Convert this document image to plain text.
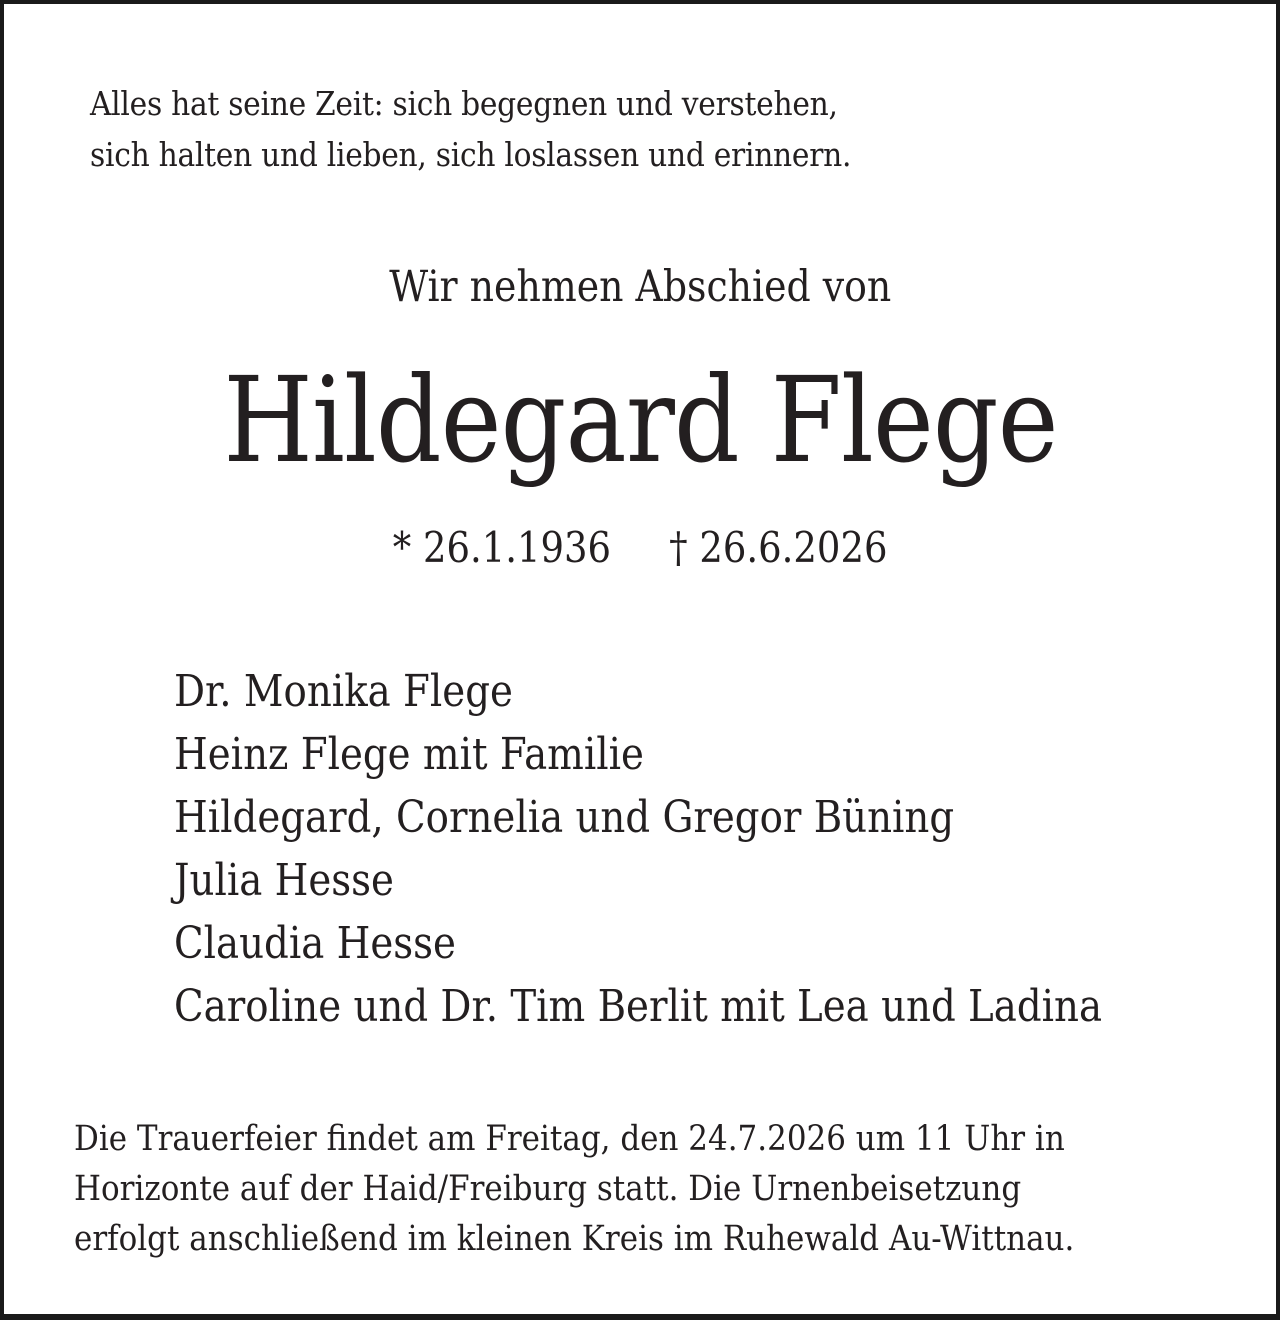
Alles hat seine Zeit: sich begegnen und verstehen,
sich halten und lieben, sich loslassen und erinnern.
Wir nehmen Abschied von
Hildegard Flege
* 26.1.1936 † 26.6.2026
Dr. Monika Flege
Heinz Flege mit Familie
Hildegard, Cornelia und Gregor Büning
Julia Hesse
Claudia Hesse
Caroline und Dr. Tim Berlit mit Lea und Ladina
Die Trauerfeier findet am Freitag, den 24.7.2026 um 11 Uhr in
Horizonte auf der Haid/Freiburg statt. Die Urnenbeisetzung
erfolgt anschließend im kleinen Kreis im Ruhewald Au-Wittnau.
